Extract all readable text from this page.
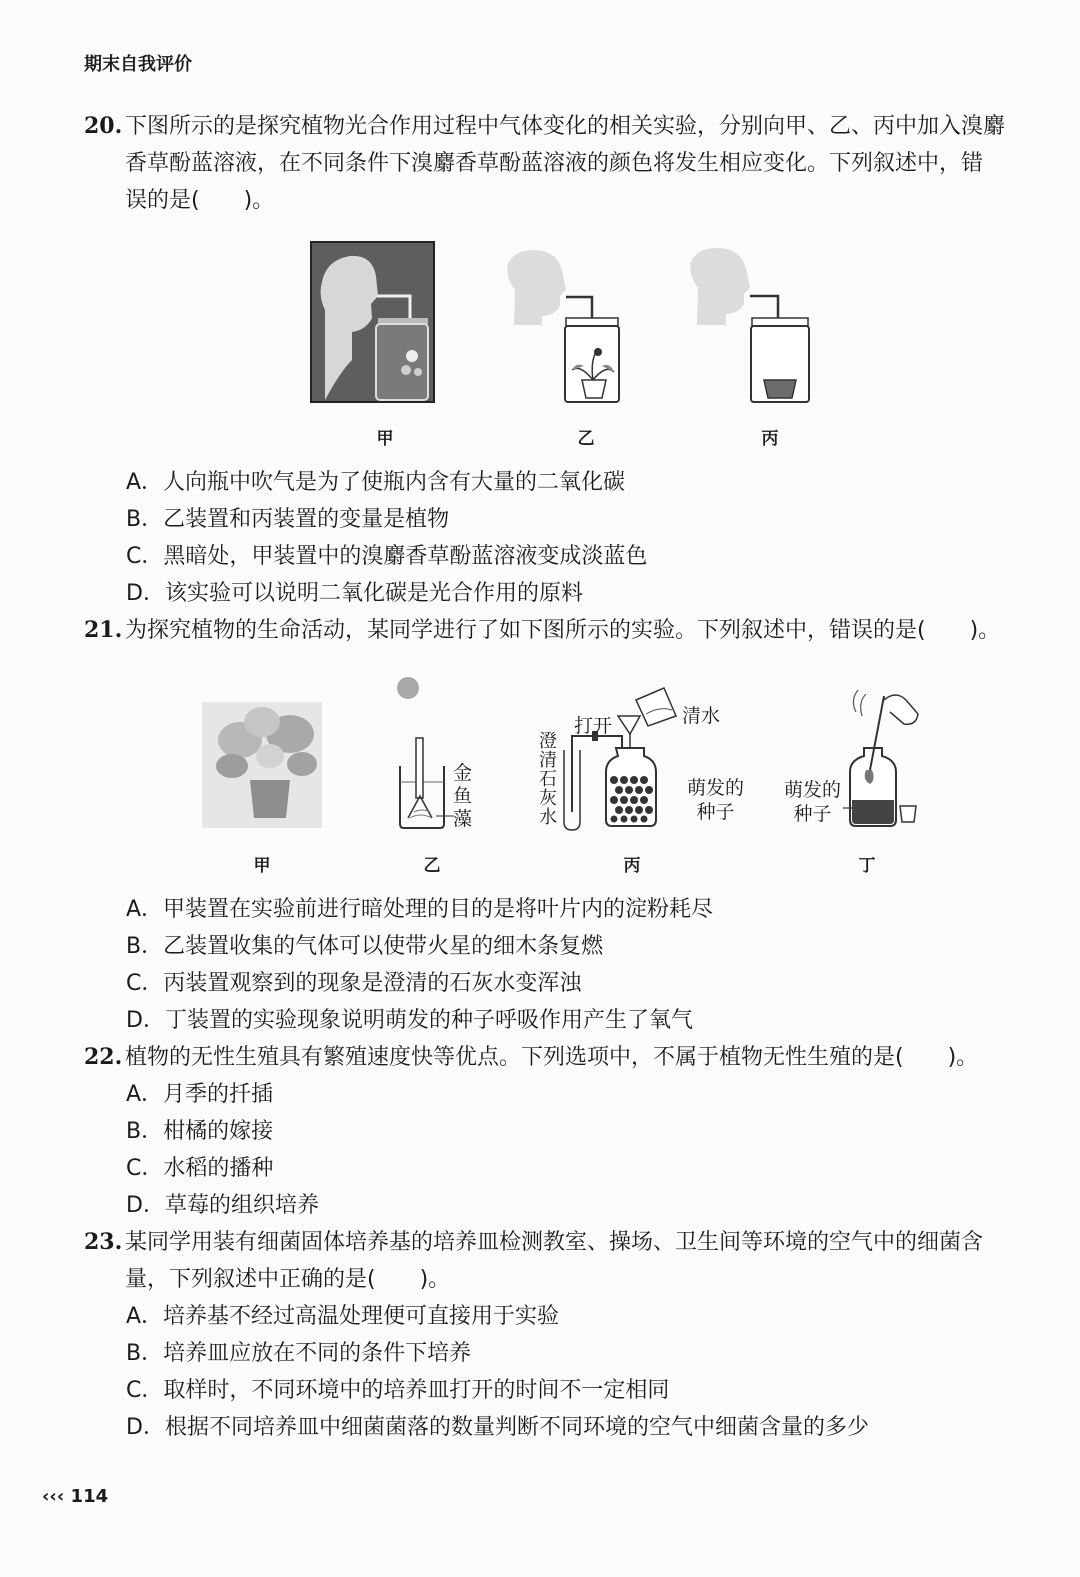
期末自我评价
20. 下图所示的是探究植物光合作用过程中气体变化的相关实验，分别向甲、乙、丙中加入溴麝
香草酚蓝溶液，在不同条件下溴麝香草酚蓝溶液的颜色将发生相应变化。下列叙述中，错
误的是(　　)。
甲	乙	丙
A．人向瓶中吹气是为了使瓶内含有大量的二氧化碳
B．乙装置和丙装置的变量是植物
C．黑暗处，甲装置中的溴麝香草酚蓝溶液变成淡蓝色
D．该实验可以说明二氧化碳是光合作用的原料
21. 为探究植物的生命活动，某同学进行了如下图所示的实验。下列叙述中，错误的是(　　)。
金
鱼
藻
打开	清水
澄
清
石
灰
水
萌发的
种子
萌发的
种子
甲	乙	丙	丁
A．甲装置在实验前进行暗处理的目的是将叶片内的淀粉耗尽
B．乙装置收集的气体可以使带火星的细木条复燃
C．丙装置观察到的现象是澄清的石灰水变浑浊
D．丁装置的实验现象说明萌发的种子呼吸作用产生了氧气
22. 植物的无性生殖具有繁殖速度快等优点。下列选项中，不属于植物无性生殖的是(　　)。
A．月季的扦插
B．柑橘的嫁接
C．水稻的播种
D．草莓的组织培养
23. 某同学用装有细菌固体培养基的培养皿检测教室、操场、卫生间等环境的空气中的细菌含
量，下列叙述中正确的是(　　)。
A．培养基不经过高温处理便可直接用于实验
B．培养皿应放在不同的条件下培养
C．取样时，不同环境中的培养皿打开的时间不一定相同
D．根据不同培养皿中细菌菌落的数量判断不同环境的空气中细菌含量的多少
‹‹‹ 114
